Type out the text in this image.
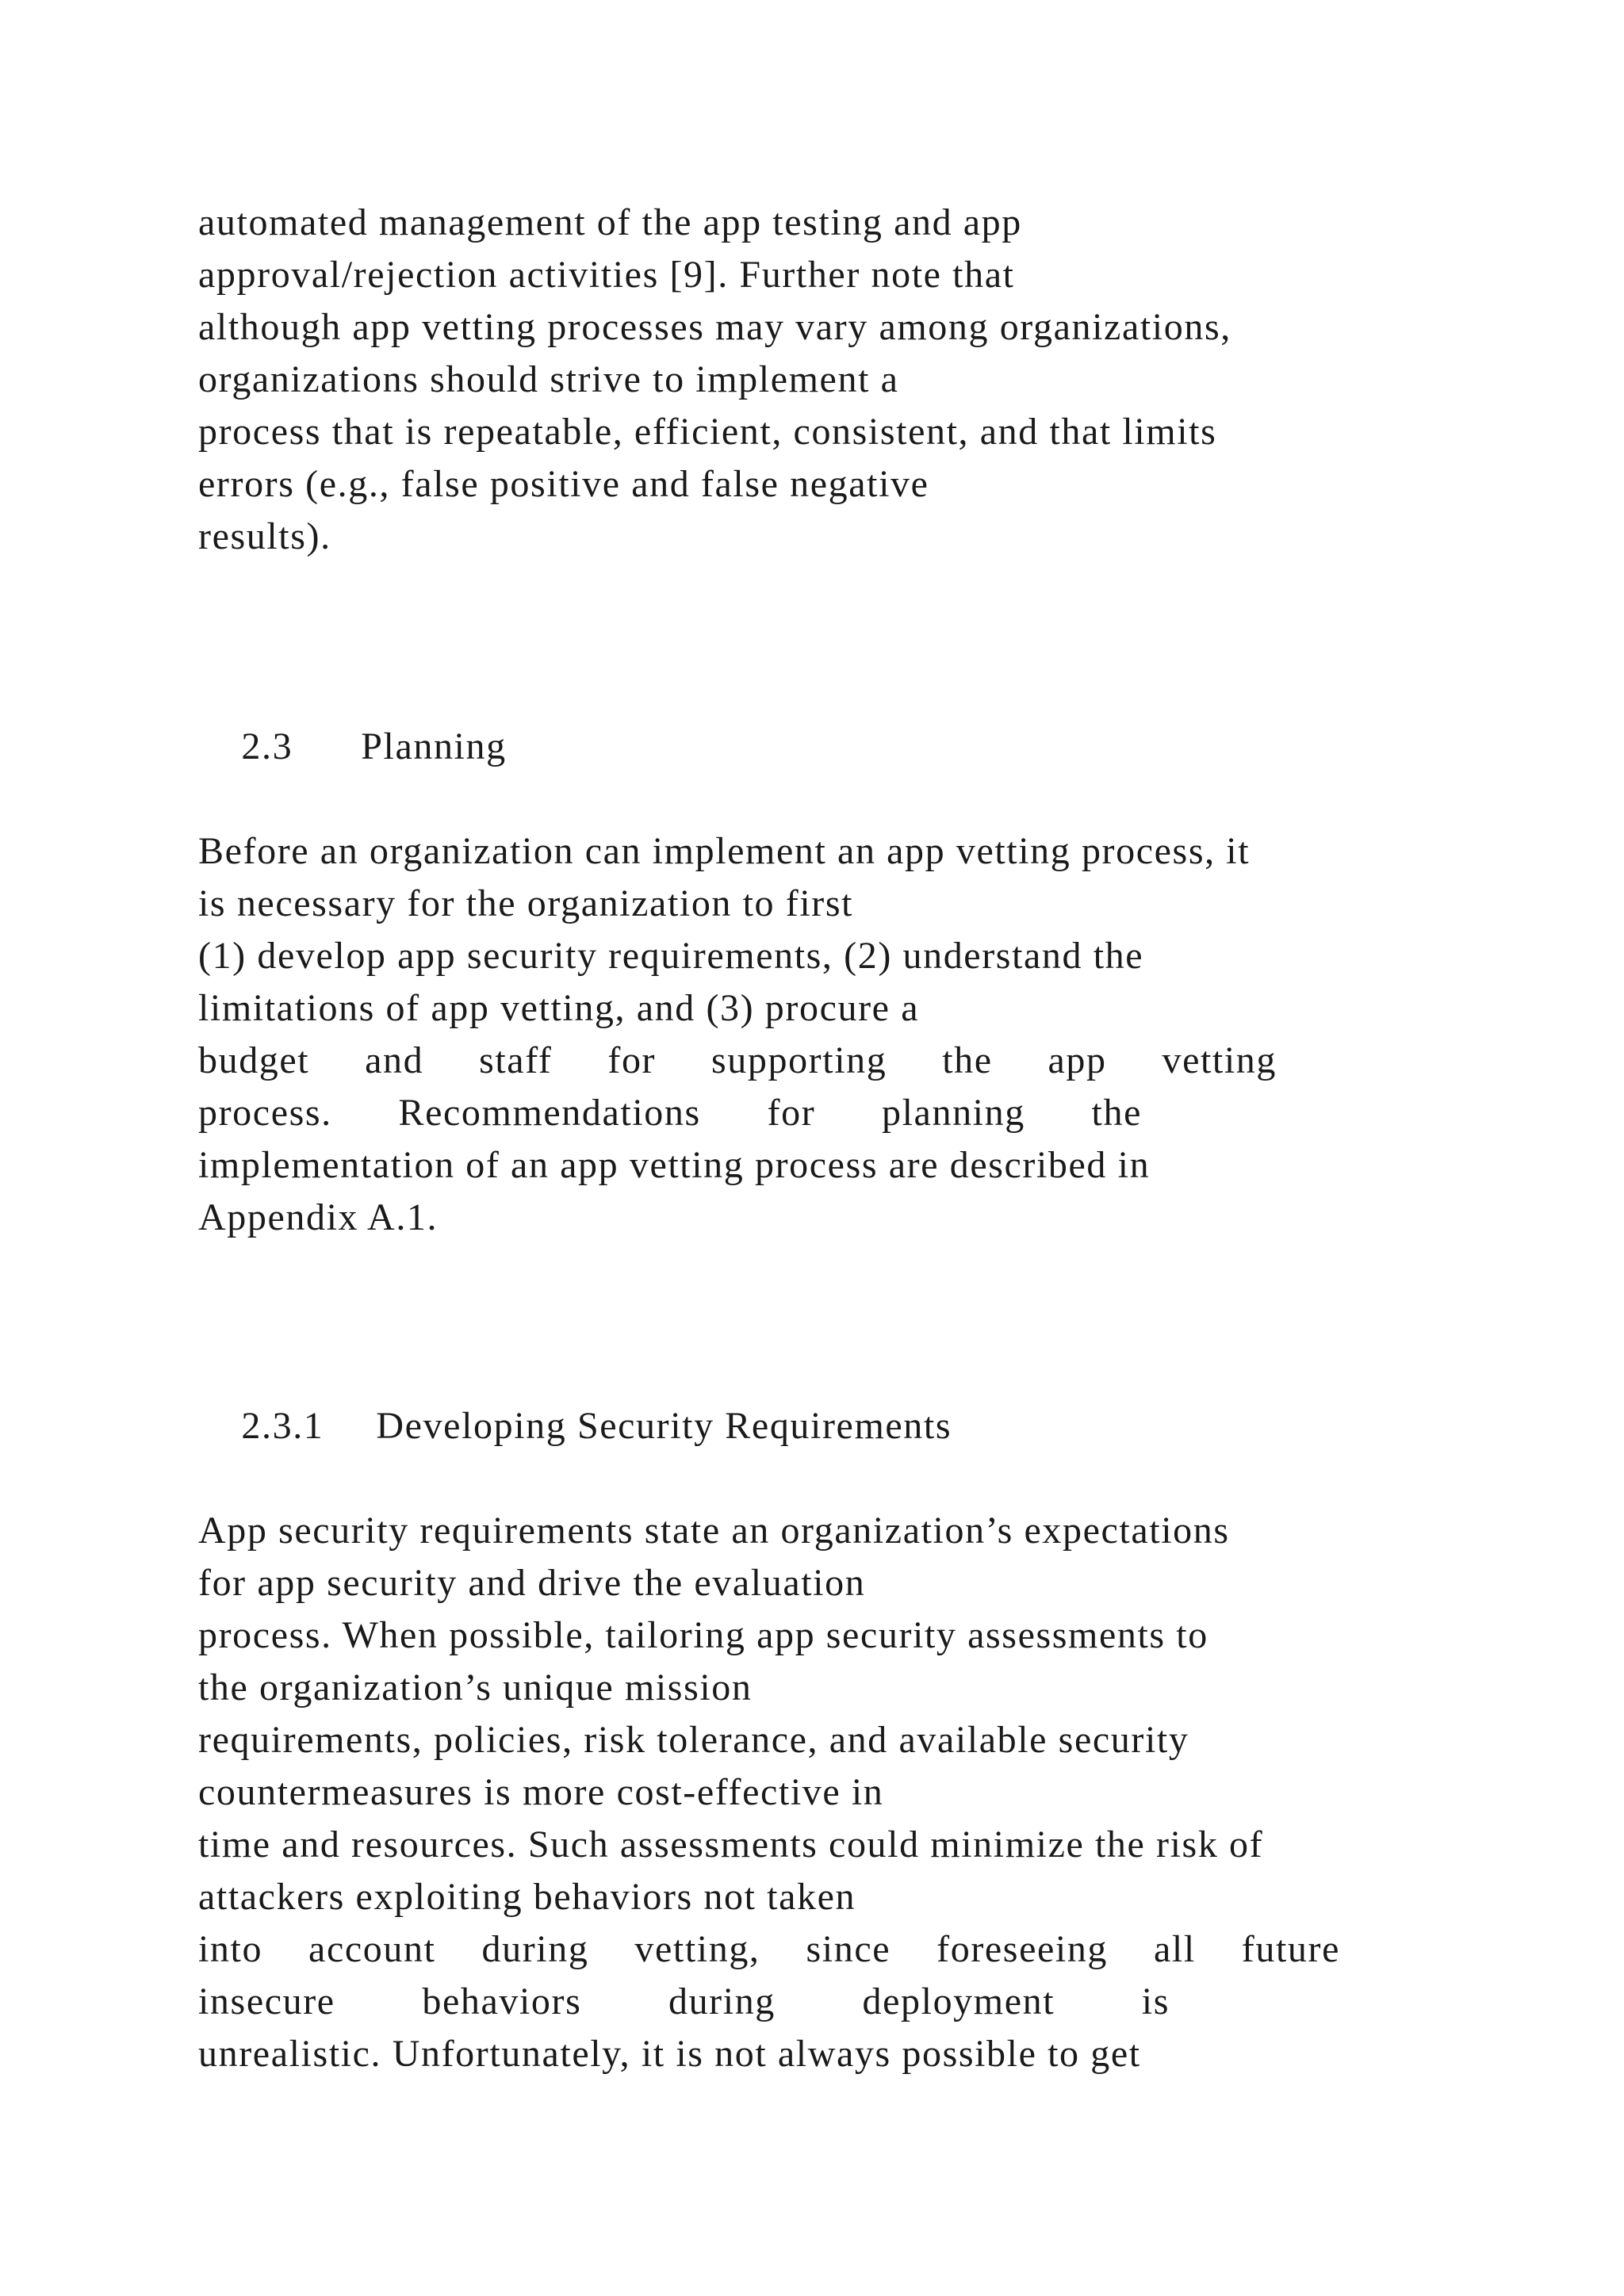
automated management of the app testing and app
approval/rejection activities [9]. Further note that
although app vetting processes may vary among organizations,
organizations should strive to implement a
process that is repeatable, efficient, consistent, and that limits
errors (e.g., false positive and false negative
results).

2.3 Planning

Before an organization can implement an app vetting process, it
is necessary for the organization to first
(1) develop app security requirements, (2) understand the
limitations of app vetting, and (3) procure a
budget and staff for supporting the app vetting
process. Recommendations for planning the
implementation of an app vetting process are described in
Appendix A.1.

2.3.1 Developing Security Requirements

App security requirements state an organization’s expectations
for app security and drive the evaluation
process. When possible, tailoring app security assessments to
the organization’s unique mission
requirements, policies, risk tolerance, and available security
countermeasures is more cost-effective in
time and resources. Such assessments could minimize the risk of
attackers exploiting behaviors not taken
into account during vetting, since foreseeing all future
insecure behaviors during deployment is
unrealistic. Unfortunately, it is not always possible to get
